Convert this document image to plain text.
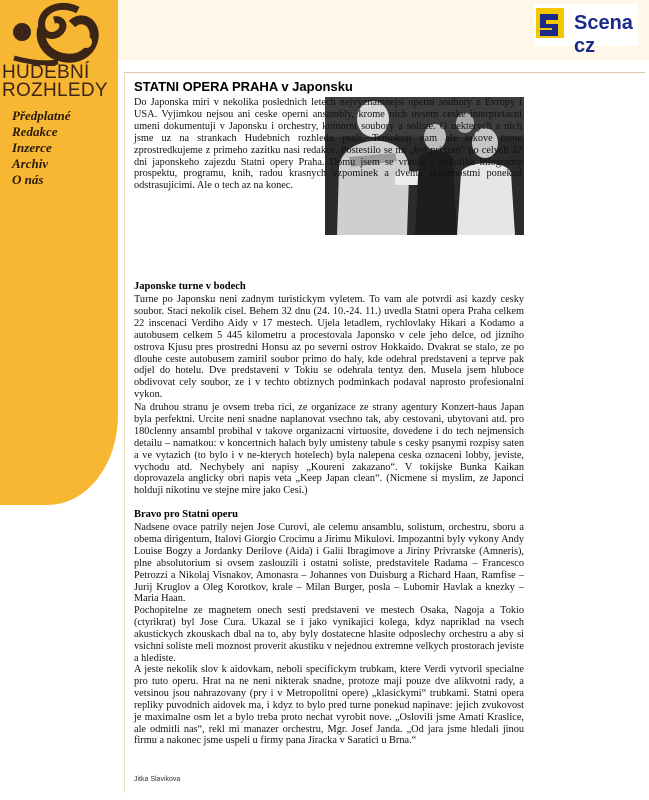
HUDEBNÍ
ROZHLEDY
Předplatné
Redakce
Inzerce
Archiv
O nás
Scena cz
STATNI OPERA PRAHA v Japonsku
Do Japonska miri v nekolika poslednich letech nejvyznamnejsi operni soubory z Evropy i USA. Vyjimkou nejsou ani ceske operni ansambly, krome nich ovsem ceske interpretacni umeni dokumentuji v Japonsku i orchestry, komorni soubory a soliste. O nekterych z nich jsme uz na strankach Hudebnich rozhledu psali. Tentokrat vam ale takove turne zprostredkujeme z primeho zazitku nasi redakce. Postestilo se mi „byt pri tom“ po celych 32 dni japonskeho zajezdu Statni opery Praha. Domu jsem se vratila s nekolika kilogramy prospektu, programu, knih, radou krasnych vzpominek a dvema zkusenostmi ponekud odstrasujicimi. Ale o tech az na konec.
Japonske turne v bodech
Turne po Japonsku neni zadnym turistickym vyletem. To vam ale potvrdi asi kazdy cesky soubor. Staci nekolik cisel. Behem 32 dnu (24. 10.-24. 11.) uvedla Statni opera Praha celkem 22 inscenaci Verdiho Aidy v 17 mestech. Ujela letadlem, rychlovlaky Hikari a Kodamo a autobusem celkem 5 445 kilometru a procestovala Japonsko v cele jeho delce, od jizniho ostrova Kjusu pres prostredni Honsu az po severni ostrov Hokkaido. Dvakrat se stalo, ze po dlouhe ceste autobusem zamiril soubor primo do haly, kde odehral predstaveni a teprve pak odjel do hotelu. Dve predstaveni v Tokiu se odehrala tentyz den. Musela jsem hluboce obdivovat cely soubor, ze i v techto obtiznych podminkach podaval naprosto profesionalni vykon.
Na druhou stranu je ovsem treba rici, ze organizace ze strany agentury Konzert-haus Japan byla perfektni. Urcite neni snadne naplanovat vsechno tak, aby cestovani, ubytovani atd. pro 180clenny ansambl probihal v takove organizacni virtuosite, dovedene i do tech nejmensich detailu – namatkou: v koncertnich halach byly umisteny tabule s cesky psanymi rozpisy saten a ve vytazich (to bylo i v ne-kterych hotelech) byla nalepena ceska oznaceni lobby, jeviste, vychodu atd. Nechybely ani napisy „Koureni zakazano“. V tokijske Bunka Kaikan doprovazela anglicky obri napis veta „Keep Japan clean“. (Nicmene si myslim, ze Japonci holduji nikotinu ve stejne mire jako Cesi.)
Bravo pro Statni operu
Nadsene ovace patrily nejen Jose Curovi, ale celemu ansamblu, solistum, orchestru, sboru a obema dirigentum, Italovi Giorgio Crocimu a Jirimu Mikulovi. Impozantni byly vykony Andy Louise Bogzy a Jordanky Derilove (Aida) i Galii Ibragimove a Jiriny Privratske (Amneris), plne absolutorium si ovsem zaslouzili i ostatni soliste, predstavitele Radama – Francesco Petrozzi a Nikolaj Visnakov, Amonasra – Johannes von Duisburg a Richard Haan, Ramfise – Jurij Kruglov a Oleg Korotkov, krale – Milan Burger, posla – Lubomir Havlak a knezky – Maria Haan.
Pochopitelne ze magnetem onech sesti predstaveni ve mestech Osaka, Nagoja a Tokio (ctyrikrat) byl Jose Cura. Ukazal se i jako vynikajici kolega, kdyz napriklad na vsech akustickych zkouskach dbal na to, aby byly dostatecne hlasite odposlechy orchestru a aby si vsichni soliste meli moznost proverit akustiku v nejednou extremne velkych prostorach jeviste a hlediste.
A jeste nekolik slov k aidovkam, neboli specifickym trubkam, ktere Verdi vytvoril specialne pro tuto operu. Hrat na ne neni nikterak snadne, protoze maji pouze dve alikvotni rady, a vetsinou jsou nahrazovany (pry i v Metropolitni opere) „klasickymi“ trubkami. Statni opera repliky puvodnich aidovek ma, i kdyz to bylo pred turne ponekud napinave: jejich zvukovost je maximalne osm let a bylo treba proto nechat vyrobit nove. „Oslovili jsme Amati Kraslice, ale odmitli nas“, rekl mi manazer orchestru, Mgr. Josef Janda. „Od jara jsme hledali jinou firmu a nakonec jsme uspeli u firmy pana Jiracka v Saratici u Brna.“
Jitka Slavikova
